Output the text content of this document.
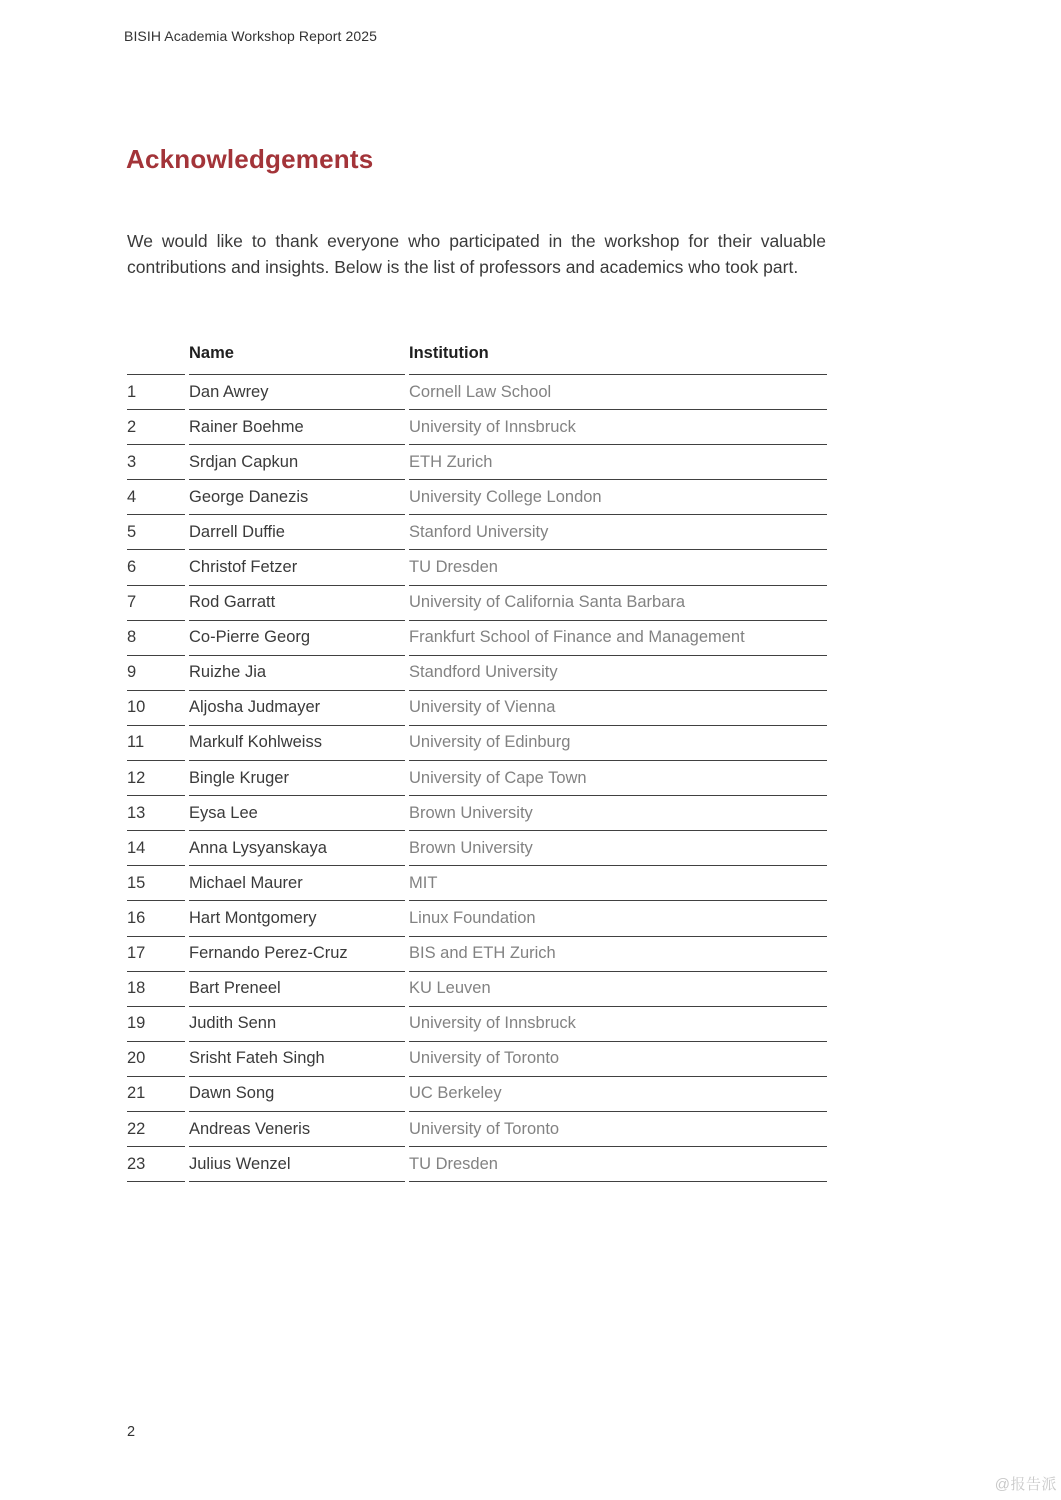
BISIH Academia Workshop Report 2025
Acknowledgements

We would like to thank everyone who participated in the workshop for their valuable contributions and insights. Below is the list of professors and academics who took part.

	Name	Institution
1	Dan Awrey	Cornell Law School
2	Rainer Boehme	University of Innsbruck
3	Srdjan Capkun	ETH Zurich
4	George Danezis	University College London
5	Darrell Duffie	Stanford University
6	Christof Fetzer	TU Dresden
7	Rod Garratt	University of California Santa Barbara
8	Co-Pierre Georg	Frankfurt School of Finance and Management
9	Ruizhe Jia	Standford University
10	Aljosha Judmayer	University of Vienna
11	Markulf Kohlweiss	University of Edinburg
12	Bingle Kruger	University of Cape Town
13	Eysa Lee	Brown University
14	Anna Lysyanskaya	Brown University
15	Michael Maurer	MIT
16	Hart Montgomery	Linux Foundation
17	Fernando Perez-Cruz	BIS and ETH Zurich
18	Bart Preneel	KU Leuven
19	Judith Senn	University of Innsbruck
20	Srisht Fateh Singh	University of Toronto
21	Dawn Song	UC Berkeley
22	Andreas Veneris	University of Toronto
23	Julius Wenzel	TU Dresden
2
@报告派
